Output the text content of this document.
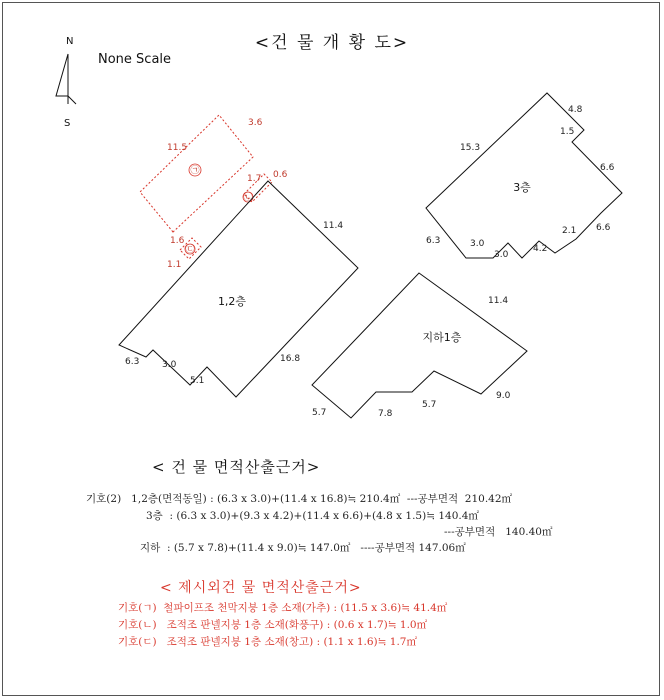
<건 물 개 황 도>
N
S
None Scale
㉠
11.5
3.6
㉡
1.7 0.6
㉢
1.6
1.1
1,2층
11.4
6.3	3.0
5.1
16.8
3층
15.3
4.8
1.5
6.6
6.6
2.1
4.2
3.0
3.0
6.3
지하1층
11.4
9.0
5.7
7.8
5.7
< 건 물 면적산출근거>
기호(2)   1,2층(면적동일) : (6.3 x 3.0)+(11.4 x 16.8)≒ 210.4㎡  ---공부면적  210.42㎡
3층  : (6.3 x 3.0)+(9.3 x 4.2)+(11.4 x 6.6)+(4.8 x 1.5)≒ 140.4㎡
---공부면적   140.40㎡
지하  : (5.7 x 7.8)+(11.4 x 9.0)≒ 147.0㎡   ----공부면적 147.06㎡
< 제시외건 물 면적산출근거>
기호(ㄱ)  철파이프조 천막지붕 1층 소재(가추) : (11.5 x 3.6)≒ 41.4㎡
기호(ㄴ)   조적조 판넬지붕 1층 소재(화풍구) : (0.6 x 1.7)≒ 1.0㎡
기호(ㄷ)   조적조 판넬지붕 1층 소재(창고) : (1.1 x 1.6)≒ 1.7㎡
